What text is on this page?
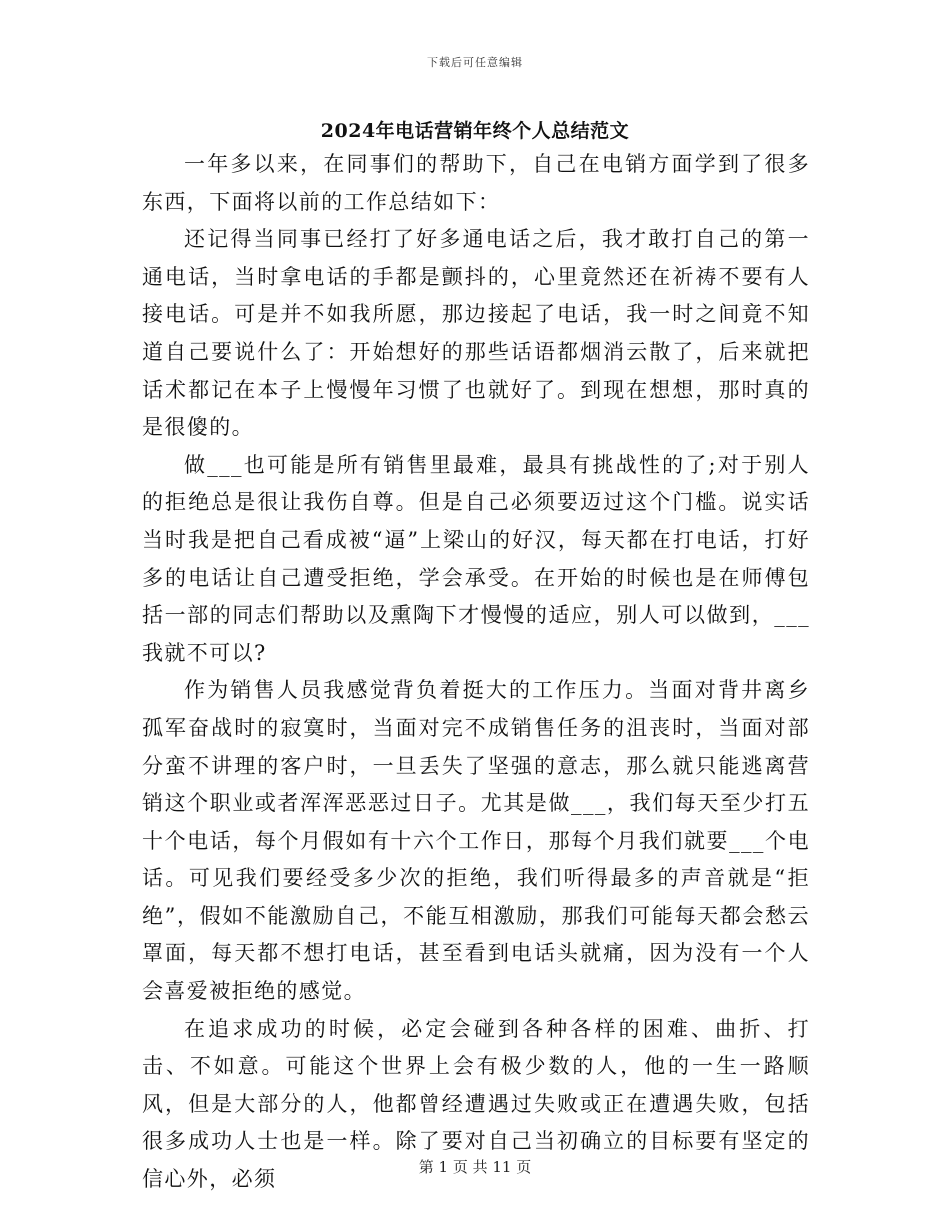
下载后可任意编辑
2024年电话营销年终个人总结范文

一年多以来，在同事们的帮助下，自己在电销方面学到了很多东西，下面将以前的工作总结如下：

还记得当同事已经打了好多通电话之后，我才敢打自己的第一通电话，当时拿电话的手都是颤抖的，心里竟然还在祈祷不要有人接电话。可是并不如我所愿，那边接起了电话，我一时之间竟不知道自己要说什么了：开始想好的那些话语都烟消云散了，后来就把话术都记在本子上慢慢年习惯了也就好了。到现在想想，那时真的是很傻的。

做___也可能是所有销售里最难，最具有挑战性的了;对于别人的拒绝总是很让我伤自尊。但是自己必须要迈过这个门槛。说实话当时我是把自己看成被“逼”上梁山的好汉，每天都在打电话，打好多的电话让自己遭受拒绝，学会承受。在开始的时候也是在师傅包括一部的同志们帮助以及熏陶下才慢慢的适应，别人可以做到，___我就不可以?

作为销售人员我感觉背负着挺大的工作压力。当面对背井离乡孤军奋战时的寂寞时，当面对完不成销售任务的沮丧时，当面对部分蛮不讲理的客户时，一旦丢失了坚强的意志，那么就只能逃离营销这个职业或者浑浑恶恶过日子。尤其是做___，我们每天至少打五十个电话，每个月假如有十六个工作日，那每个月我们就要___个电话。可见我们要经受多少次的拒绝，我们听得最多的声音就是“拒绝”，假如不能激励自己，不能互相激励，那我们可能每天都会愁云罩面，每天都不想打电话，甚至看到电话头就痛，因为没有一个人会喜爱被拒绝的感觉。

在追求成功的时候，必定会碰到各种各样的困难、曲折、打击、不如意。可能这个世界上会有极少数的人，他的一生一路顺风，但是大部分的人，他都曾经遭遇过失败或正在遭遇失败，包括很多成功人士也是一样。除了要对自己当初确立的目标要有坚定的信心外，必须

第 1 页 共 11 页
